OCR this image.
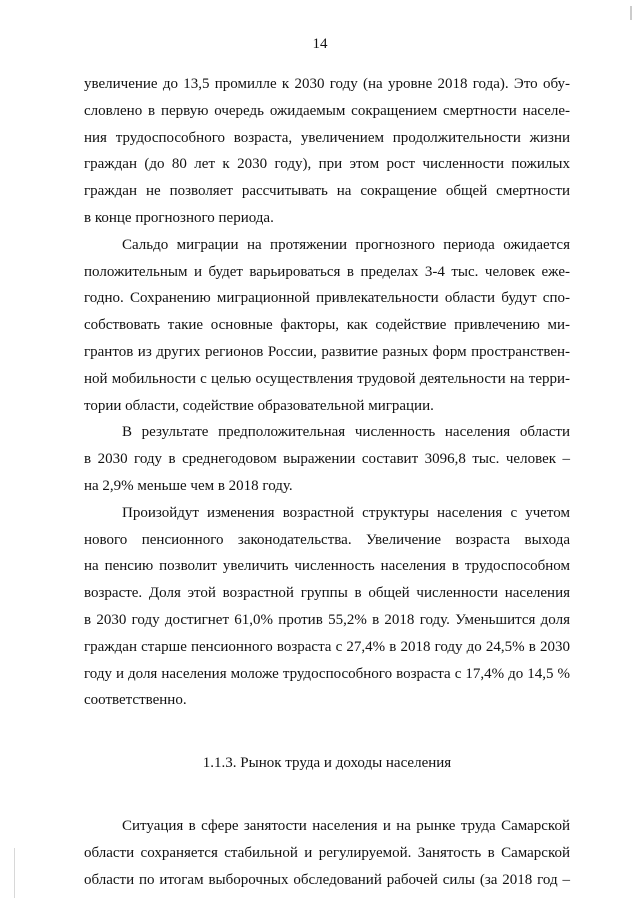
14
увеличение до 13,5 промилле к 2030 году (на уровне 2018 года). Это обу-
словлено в первую очередь ожидаемым сокращением смертности населе-
ния трудоспособного возраста, увеличением продолжительности жизни
граждан (до 80 лет к 2030 году), при этом рост численности пожилых
граждан не позволяет рассчитывать на сокращение общей смертности
в конце прогнозного периода.
Сальдо миграции на протяжении прогнозного периода ожидается
положительным и будет варьироваться в пределах 3-4 тыс. человек еже-
годно. Сохранению миграционной привлекательности области будут спо-
собствовать такие основные факторы, как содействие привлечению ми-
грантов из других регионов России, развитие разных форм пространствен-
ной мобильности с целью осуществления трудовой деятельности на терри-
тории области, содействие образовательной миграции.
В результате предположительная численность населения области
в 2030 году в среднегодовом выражении составит 3096,8 тыс. человек –
на 2,9% меньше чем в 2018 году.
Произойдут изменения возрастной структуры населения с учетом
нового пенсионного законодательства. Увеличение возраста выхода
на пенсию позволит увеличить численность населения в трудоспособном
возрасте. Доля этой возрастной группы в общей численности населения
в 2030 году достигнет 61,0% против 55,2% в 2018 году. Уменьшится доля
граждан старше пенсионного возраста с 27,4% в 2018 году до 24,5% в 2030
году и доля населения моложе трудоспособного возраста с 17,4% до 14,5 %
соответственно.
1.1.3. Рынок труда и доходы населения
Ситуация в сфере занятости населения и на рынке труда Самарской
области сохраняется стабильной и регулируемой. Занятость в Самарской
области по итогам выборочных обследований рабочей силы (за 2018 год –
